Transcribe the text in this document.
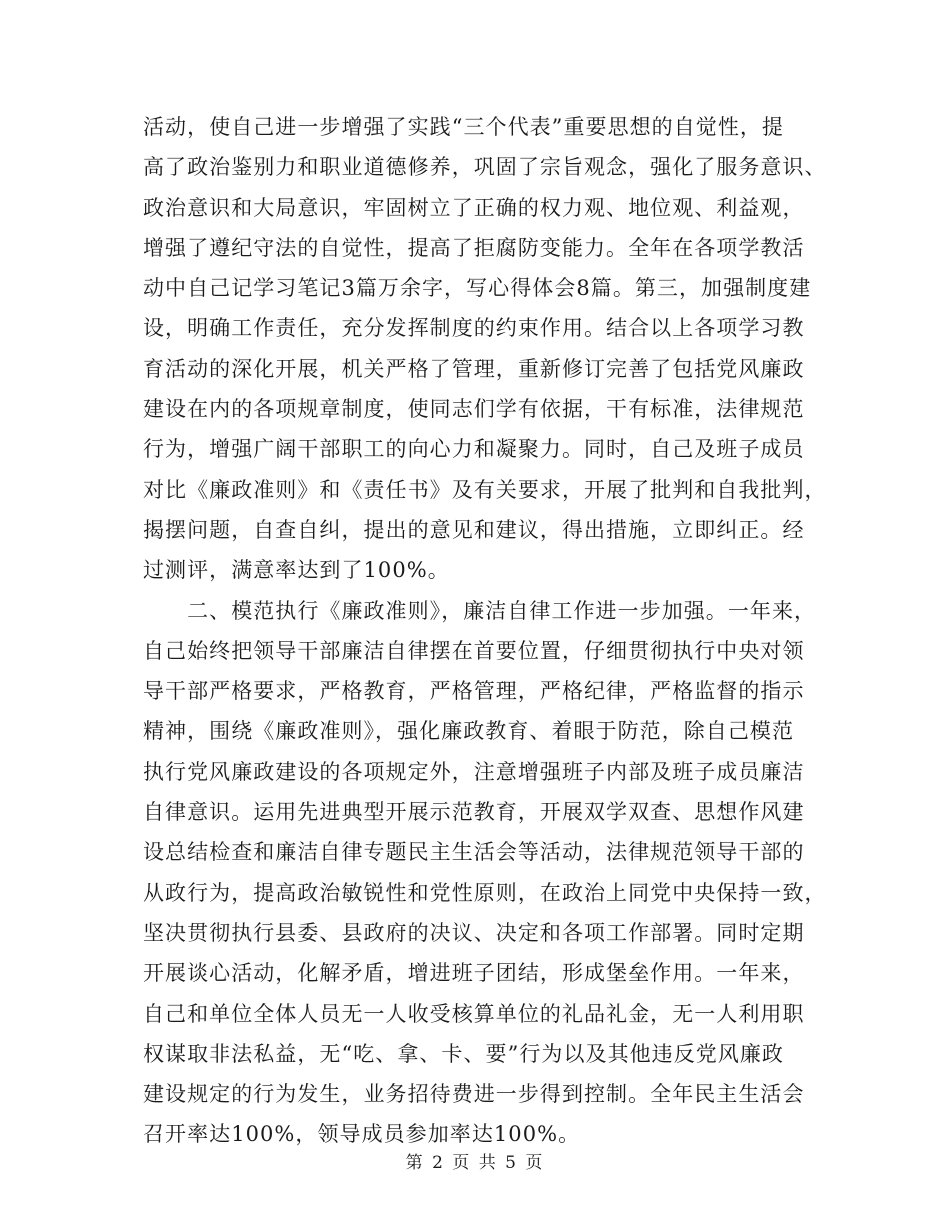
活动，使自己进一步增强了实践“三个代表”重要思想的自觉性，提
高了政治鉴别力和职业道德修养，巩固了宗旨观念，强化了服务意识、
政治意识和大局意识，牢固树立了正确的权力观、地位观、利益观，
增强了遵纪守法的自觉性，提高了拒腐防变能力。全年在各项学教活
动中自己记学习笔记3篇万余字，写心得体会8篇。第三，加强制度建
设，明确工作责任，充分发挥制度的约束作用。结合以上各项学习教
育活动的深化开展，机关严格了管理，重新修订完善了包括党风廉政
建设在内的各项规章制度，使同志们学有依据，干有标准，法律规范
行为，增强广阔干部职工的向心力和凝聚力。同时，自己及班子成员
对比《廉政准则》和《责任书》及有关要求，开展了批判和自我批判，
揭摆问题，自查自纠，提出的意见和建议，得出措施，立即纠正。经
过测评，满意率达到了100%。
　　二、模范执行《廉政准则》，廉洁自律工作进一步加强。一年来，
自己始终把领导干部廉洁自律摆在首要位置，仔细贯彻执行中央对领
导干部严格要求，严格教育，严格管理，严格纪律，严格监督的指示
精神，围绕《廉政准则》，强化廉政教育、着眼于防范，除自己模范
执行党风廉政建设的各项规定外，注意增强班子内部及班子成员廉洁
自律意识。运用先进典型开展示范教育，开展双学双查、思想作风建
设总结检查和廉洁自律专题民主生活会等活动，法律规范领导干部的
从政行为，提高政治敏锐性和党性原则，在政治上同党中央保持一致，
坚决贯彻执行县委、县政府的决议、决定和各项工作部署。同时定期
开展谈心活动，化解矛盾，增进班子团结，形成堡垒作用。一年来，
自己和单位全体人员无一人收受核算单位的礼品礼金，无一人利用职
权谋取非法私益，无“吃、拿、卡、要”行为以及其他违反党风廉政
建设规定的行为发生，业务招待费进一步得到控制。全年民主生活会
召开率达100%，领导成员参加率达100%。
第 2 页 共 5 页
